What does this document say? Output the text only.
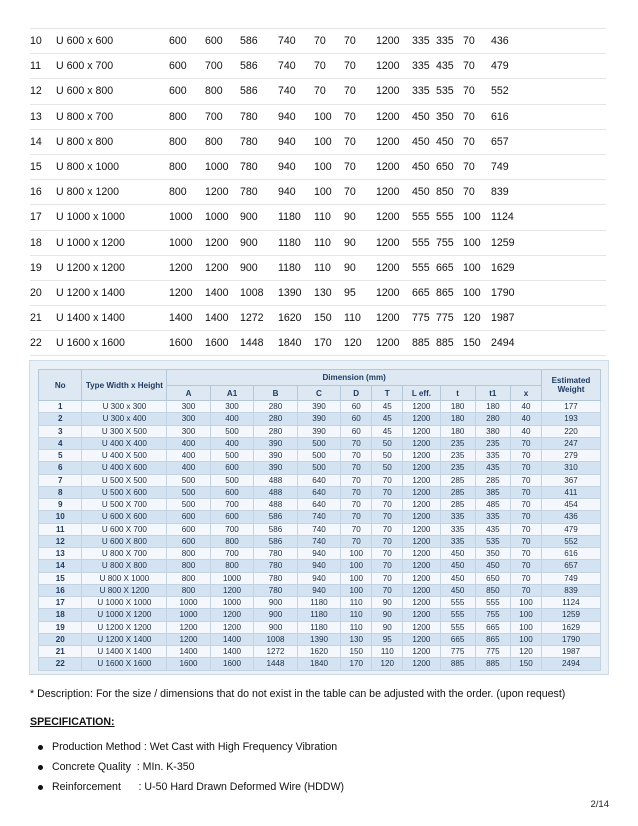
10	U 600 x 600	600	600	586	740	70	70	1200	335	335	70	436
11	U 600 x 700	600	700	586	740	70	70	1200	335	435	70	479
12	U 600 x 800	600	800	586	740	70	70	1200	335	535	70	552
13	U 800 x 700	800	700	780	940	100	70	1200	450	350	70	616
14	U 800 x 800	800	800	780	940	100	70	1200	450	450	70	657
15	U 800 x 1000	800	1000	780	940	100	70	1200	450	650	70	749
16	U 800 x 1200	800	1200	780	940	100	70	1200	450	850	70	839
17	U 1000 x 1000	1000	1000	900	1180	110	90	1200	555	555	100	1124
18	U 1000 x 1200	1000	1200	900	1180	110	90	1200	555	755	100	1259
19	U 1200 x 1200	1200	1200	900	1180	110	90	1200	555	665	100	1629
20	U 1200 x 1400	1200	1400	1008	1390	130	95	1200	665	865	100	1790
21	U 1400 x 1400	1400	1400	1272	1620	150	110	1200	775	775	120	1987
22	U 1600 x 1600	1600	1600	1448	1840	170	120	1200	885	885	150	2494
No	Type Width x Height	Dimension (mm)										Estimated Weight
		A	A1	B	C	D	T	L eff.	t	t1	x	
1	U 300 x 300	300	300	280	390	60	45	1200	180	180	40	177
2	U 300 x 400	300	400	280	390	60	45	1200	180	280	40	193
3	U 300 X 500	300	500	280	390	60	45	1200	180	380	40	220
4	U 400 X 400	400	400	390	500	70	50	1200	235	235	70	247
5	U 400 X 500	400	500	390	500	70	50	1200	235	335	70	279
6	U 400 X 600	400	600	390	500	70	50	1200	235	435	70	310
7	U 500 X 500	500	500	488	640	70	70	1200	285	285	70	367
8	U 500 X 600	500	600	488	640	70	70	1200	285	385	70	411
9	U 500 X 700	500	700	488	640	70	70	1200	285	485	70	454
10	U 600 X 600	600	600	586	740	70	70	1200	335	335	70	436
11	U 600 X 700	600	700	586	740	70	70	1200	335	435	70	479
12	U 600 X 800	600	800	586	740	70	70	1200	335	535	70	552
13	U 800 X 700	800	700	780	940	100	70	1200	450	350	70	616
14	U 800 X 800	800	800	780	940	100	70	1200	450	450	70	657
15	U 800 X 1000	800	1000	780	940	100	70	1200	450	650	70	749
16	U 800 X 1200	800	1200	780	940	100	70	1200	450	850	70	839
17	U 1000 X 1000	1000	1000	900	1180	110	90	1200	555	555	100	1124
18	U 1000 X 1200	1000	1200	900	1180	110	90	1200	555	755	100	1259
19	U 1200 X 1200	1200	1200	900	1180	110	90	1200	555	665	100	1629
20	U 1200 X 1400	1200	1400	1008	1390	130	95	1200	665	865	100	1790
21	U 1400 X 1400	1400	1400	1272	1620	150	110	1200	775	775	120	1987
22	U 1600 X 1600	1600	1600	1448	1840	170	120	1200	885	885	150	2494
* Description: For the size / dimensions that do not exist in the table can be adjusted with the order. (upon request)
SPECIFICATION:
Production Method : Wet Cast with High Frequency Vibration
Concrete Quality  : MIn. K-350
Reinforcement      : U-50 Hard Drawn Deformed Wire (HDDW)
2/14
